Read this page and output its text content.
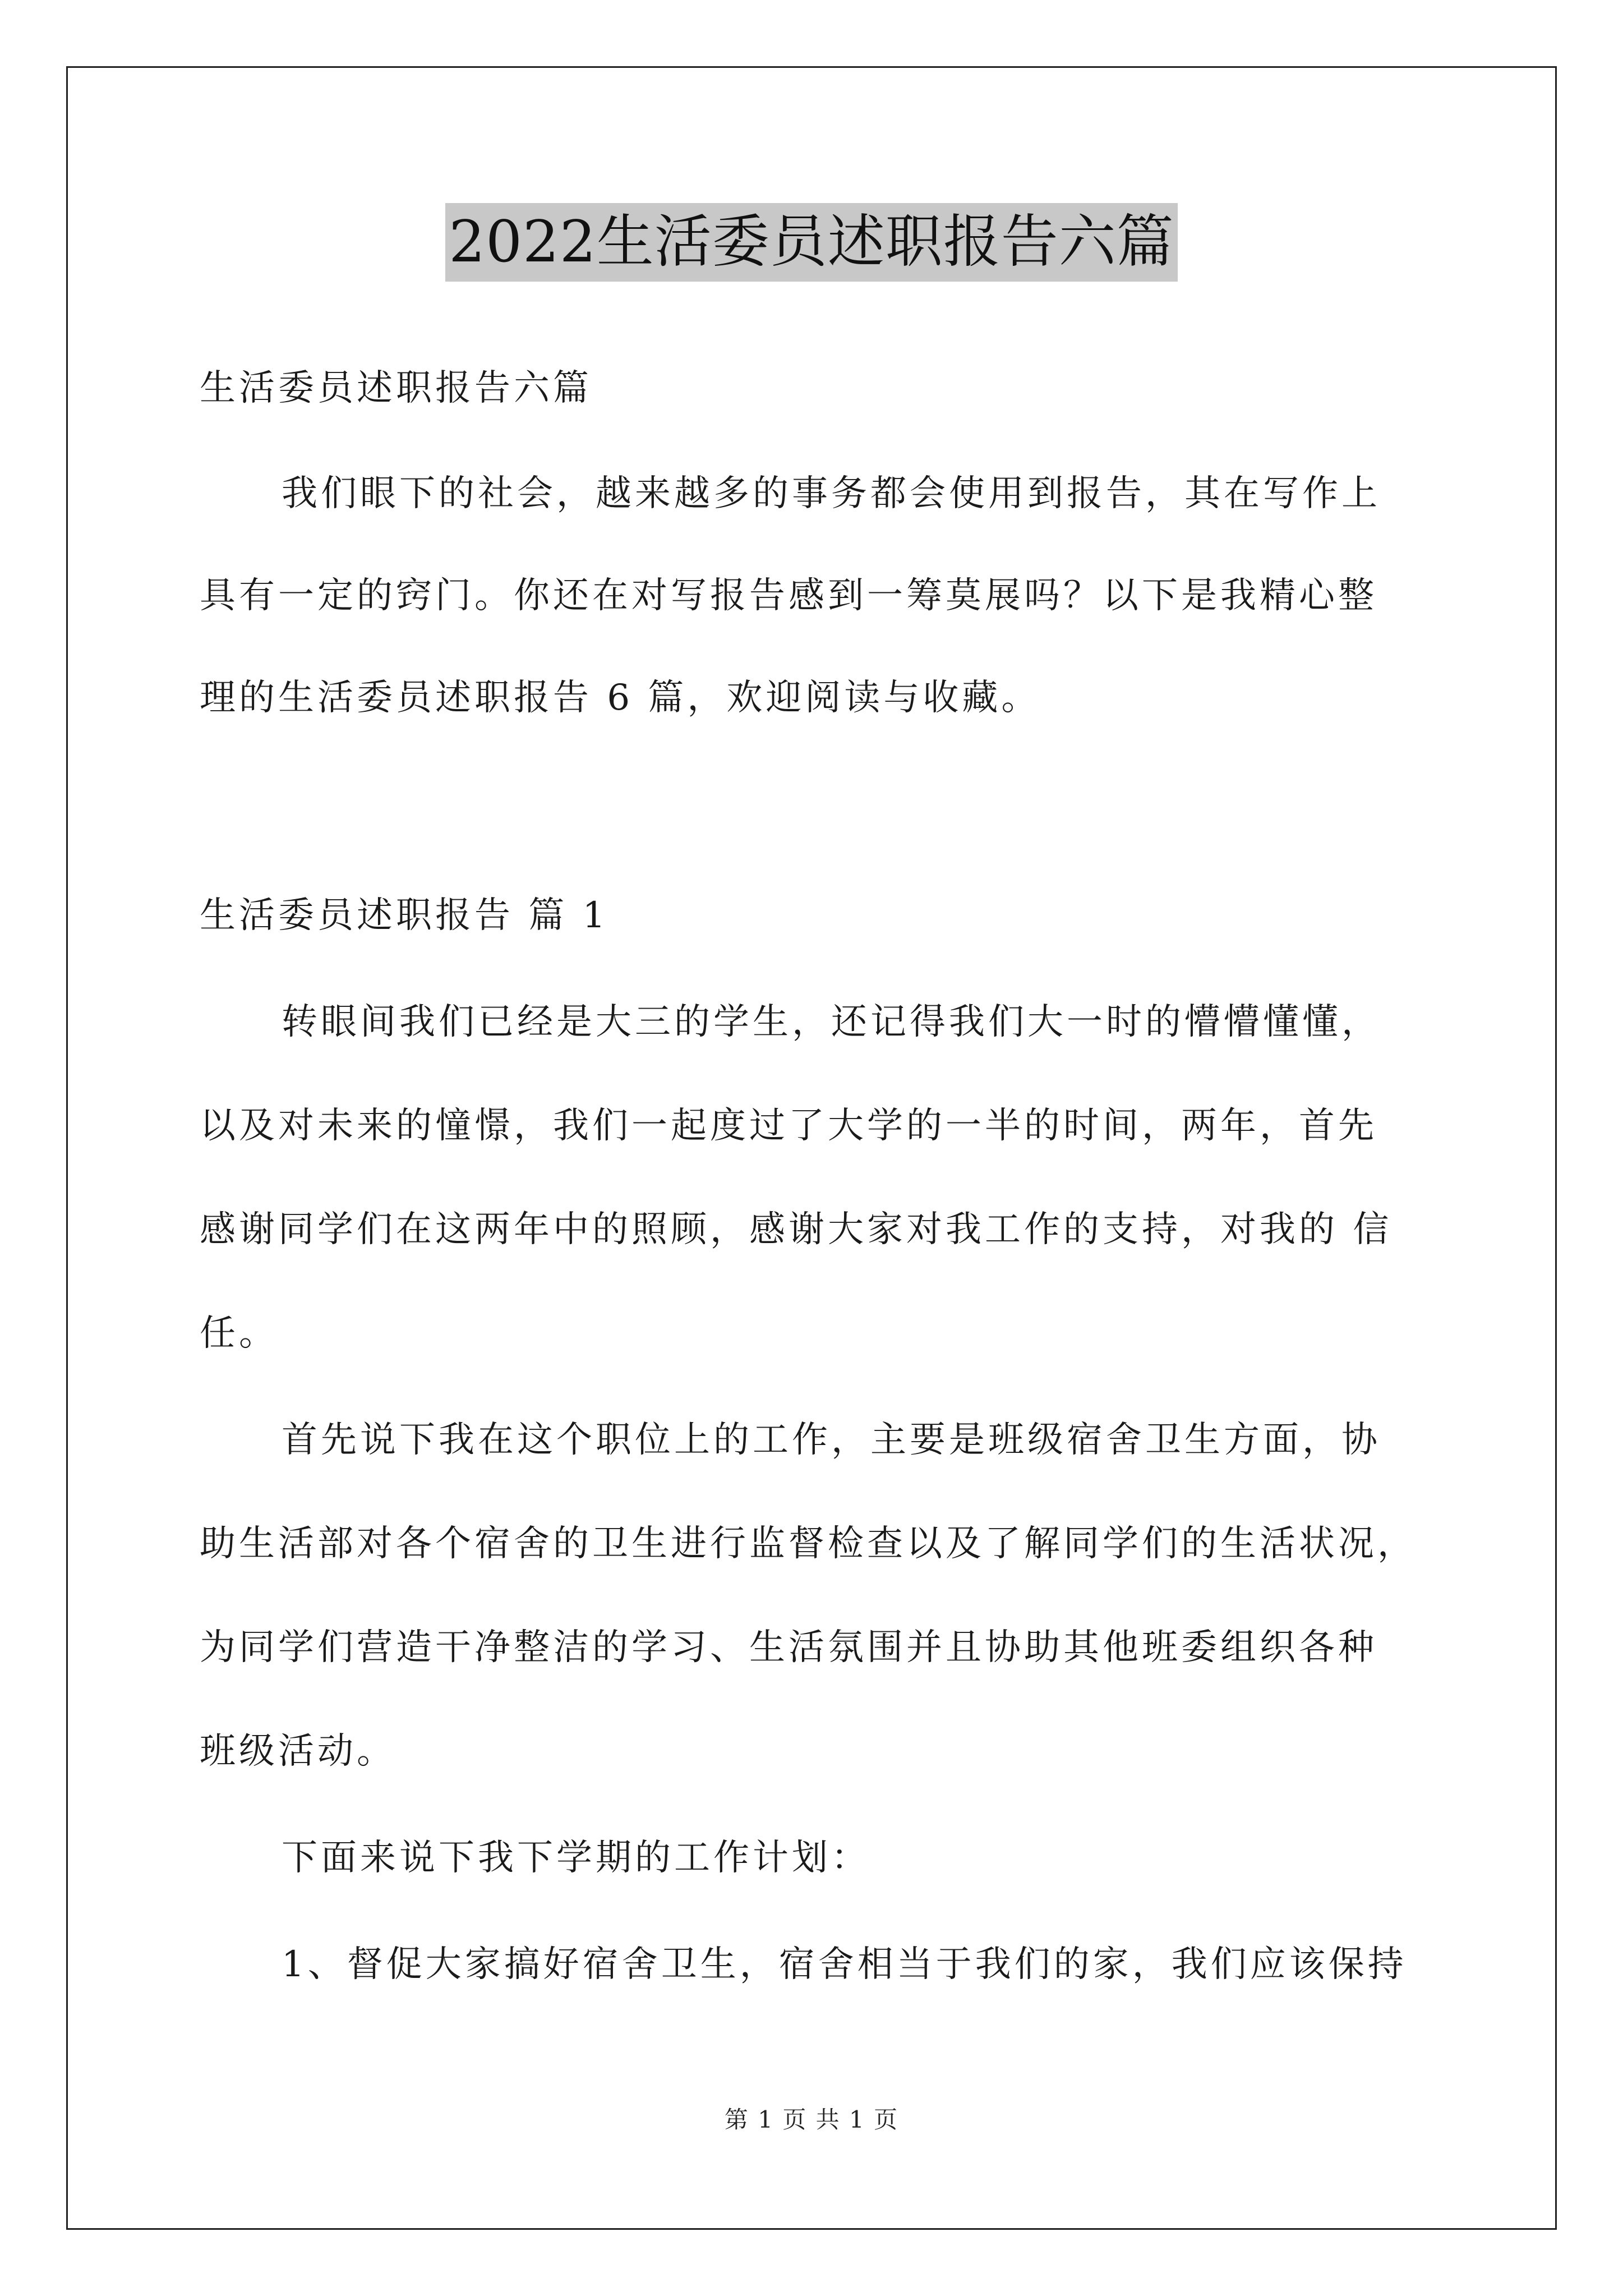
2022生活委员述职报告六篇
生活委员述职报告六篇
我们眼下的社会，越来越多的事务都会使用到报告，其在写作上
具有一定的窍门。你还在对写报告感到一筹莫展吗？以下是我精心整
理的生活委员述职报告 6 篇，欢迎阅读与收藏。
生活委员述职报告 篇 1
转眼间我们已经是大三的学生，还记得我们大一时的懵懵懂懂，
以及对未来的憧憬，我们一起度过了大学的一半的时间，两年，首先
感谢同学们在这两年中的照顾，感谢大家对我工作的支持，对我的 信
任。
首先说下我在这个职位上的工作，主要是班级宿舍卫生方面，协
助生活部对各个宿舍的卫生进行监督检查以及了解同学们的生活状况，
为同学们营造干净整洁的学习、生活氛围并且协助其他班委组织各种
班级活动。
下面来说下我下学期的工作计划：
1、督促大家搞好宿舍卫生，宿舍相当于我们的家，我们应该保持
第 1 页 共 1 页
